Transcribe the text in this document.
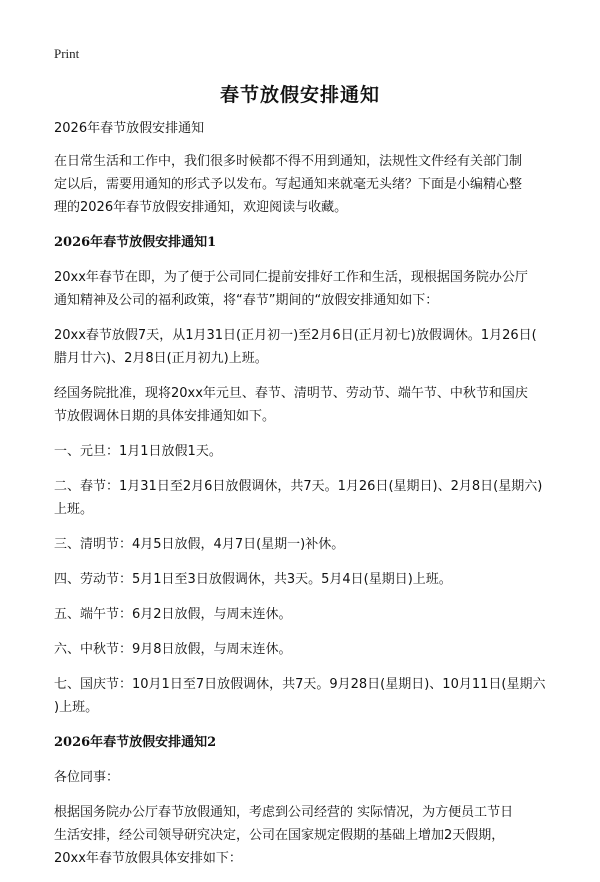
Print
春节放假安排通知
2026年春节放假安排通知
在日常生活和工作中，我们很多时候都不得不用到通知，法规性文件经有关部门制
定以后，需要用通知的形式予以发布。写起通知来就毫无头绪？下面是小编精心整
理的2026年春节放假安排通知，欢迎阅读与收藏。
2026年春节放假安排通知1
20xx年春节在即，为了便于公司同仁提前安排好工作和生活，现根据国务院办公厅
通知精神及公司的福利政策，将“春节”期间的“放假安排通知如下：
20xx春节放假7天，从1月31日(正月初一)至2月6日(正月初七)放假调休。1月26日(
腊月廿六)、2月8日(正月初九)上班。
经国务院批准，现将20xx年元旦、春节、清明节、劳动节、端午节、中秋节和国庆
节放假调休日期的具体安排通知如下。
一、元旦：1月1日放假1天。
二、春节：1月31日至2月6日放假调休，共7天。1月26日(星期日)、2月8日(星期六)
上班。
三、清明节：4月5日放假，4月7日(星期一)补休。
四、劳动节：5月1日至3日放假调休，共3天。5月4日(星期日)上班。
五、端午节：6月2日放假，与周末连休。
六、中秋节：9月8日放假，与周末连休。
七、国庆节：10月1日至7日放假调休，共7天。9月28日(星期日)、10月11日(星期六
)上班。
2026年春节放假安排通知2
各位同事：
根据国务院办公厅春节放假通知，考虑到公司经营的 实际情况，为方便员工节日
生活安排，经公司领导研究决定，公司在国家规定假期的基础上增加2天假期，
20xx年春节放假具体安排如下：
